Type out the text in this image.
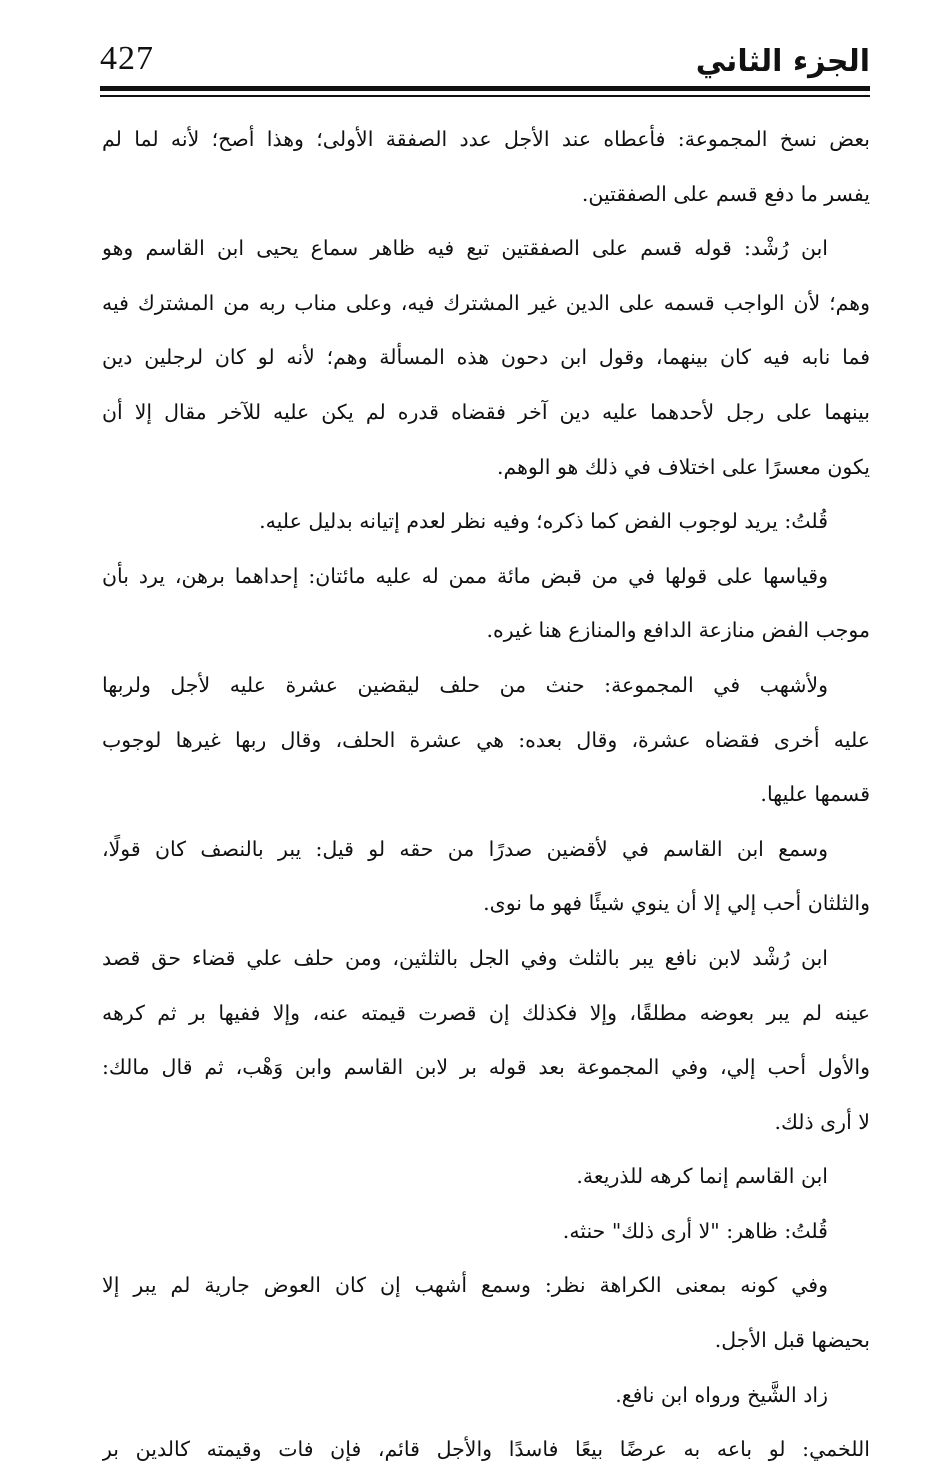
427	الجزء الثاني
بعض نسخ المجموعة: فأعطاه عند الأجل عدد الصفقة الأولى؛ وهذا أصح؛ لأنه لما لم
يفسر ما دفع قسم على الصفقتين.
ابن رُشْد: قوله قسم على الصفقتين تبع فيه ظاهر سماع يحيى ابن القاسم وهو
وهم؛ لأن الواجب قسمه على الدين غير المشترك فيه، وعلى مناب ربه من المشترك فيه
فما نابه فيه كان بينهما، وقول ابن دحون هذه المسألة وهم؛ لأنه لو كان لرجلين دين
بينهما على رجل لأحدهما عليه دين آخر فقضاه قدره لم يكن عليه للآخر مقال إلا أن
يكون معسرًا على اختلاف في ذلك هو الوهم.
قُلتُ: يريد لوجوب الفض كما ذكره؛ وفيه نظر لعدم إتيانه بدليل عليه.
وقياسها على قولها في من قبض مائة ممن له عليه مائتان: إحداهما برهن، يرد بأن
موجب الفض منازعة الدافع والمنازع هنا غيره.
ولأشهب في المجموعة: حنث من حلف ليقضين عشرة عليه لأجل ولربها
عليه أخرى فقضاه عشرة، وقال بعده: هي عشرة الحلف، وقال ربها غيرها لوجوب
قسمها عليها.
وسمع ابن القاسم في لأقضين صدرًا من حقه لو قيل: يبر بالنصف كان قولًا،
والثلثان أحب إلي إلا أن ينوي شيئًا فهو ما نوى.
ابن رُشْد لابن نافع يبر بالثلث وفي الجل بالثلثين، ومن حلف علي قضاء حق قصد
عينه لم يبر بعوضه مطلقًا، وإلا فكذلك إن قصرت قيمته عنه، وإلا ففيها بر ثم كرهه
والأول أحب إلي، وفي المجموعة بعد قوله بر لابن القاسم وابن وَهْب، ثم قال مالك:
لا أرى ذلك.
ابن القاسم إنما كرهه للذريعة.
قُلتُ: ظاهر: "لا أرى ذلك" حنثه.
وفي كونه بمعنى الكراهة نظر: وسمع أشهب إن كان العوض جارية لم يبر إلا
بحيضها قبل الأجل.
زاد الشَّيخ ورواه ابن نافع.
اللخمي: لو باعه به عرضًا بيعًا فاسدًا والأجل قائم، فإن فات وقيمته كالدين بر
